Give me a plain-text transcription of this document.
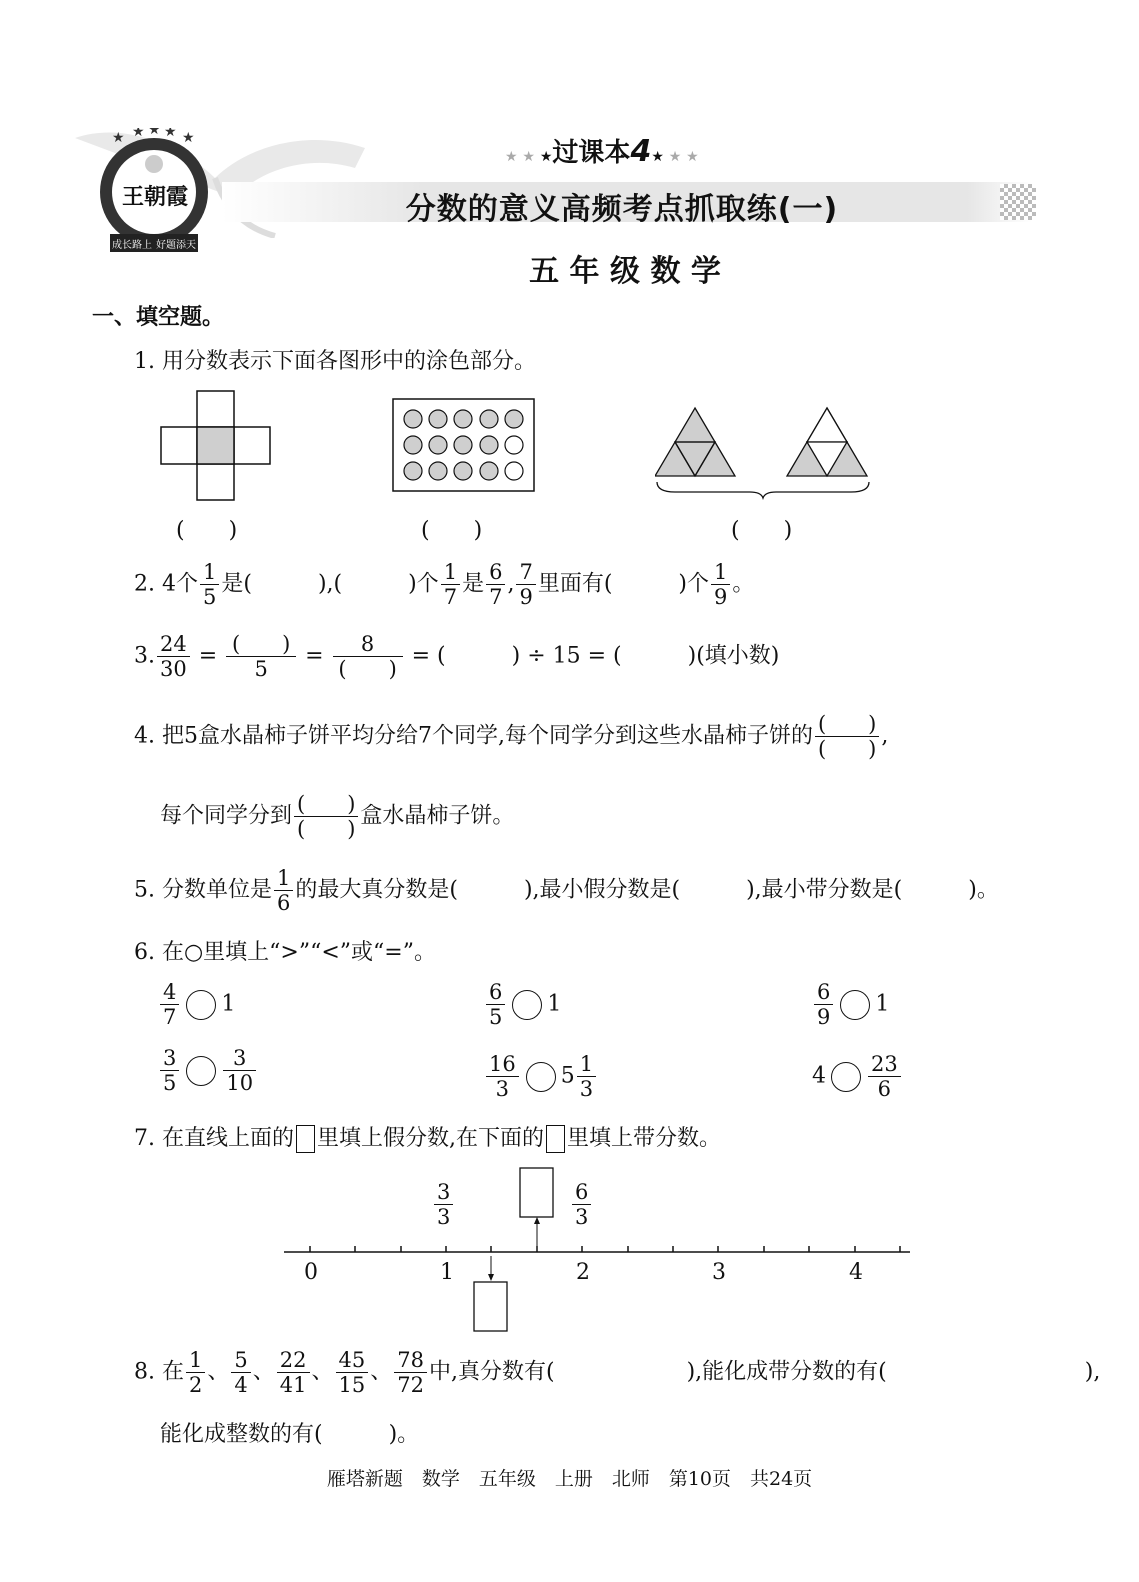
★ ★ ★ ★ ★
王朝霞
成长路上 好题添天
★ ★ ★过课本4★ ★ ★
分数的意义高频考点抓取练(一)
五 年 级 数 学
一、填空题。
1. 用分数表示下面各图形中的涂色部分。
(　　)	(　　)	(　　)
2. 4个 $\frac{1}{5}$ 是(　　　),(　　　)个 $\frac{1}{7}$ 是 $\frac{6}{7}$ , $\frac{7}{9}$ 里面有(　　　)个 $\frac{1}{9}$ 。
3. $\frac{24}{30} = \frac{( )}{5} = \frac{8}{( )}$ = (　　　) ÷ 15 = (　　　)(填小数)
4. 把5盒水晶柿子饼平均分给7个同学,每个同学分到这些水晶柿子饼的 $\frac{( )}{( )}$ ,
每个同学分到 $\frac{( )}{( )}$ 盒水晶柿子饼。
5. 分数单位是 $\frac{1}{6}$ 的最大真分数是(　　　),最小假分数是(　　　),最小带分数是(　　　)。
6. 在○里填上“>”“<”或“=”。
$\frac{4}{7} 1$	$\frac{6}{5} 1$	$\frac{6}{9} 1$
$\frac{3}{5} \frac{3}{10}$	$\frac{16}{3} 5 \frac{1}{3}$	$4 \frac{23}{6}$
7. 在直线上面的 里填上假分数,在下面的 里填上带分数。
0	1	2	3	4
$\frac{3}{3}$	$\frac{6}{3}$
8. 在 $\frac{1}{2}$ 、 $\frac{5}{4}$ 、 $\frac{22}{41}$ 、 $\frac{45}{15}$ 、 $\frac{78}{72}$ 中,真分数有(　　　　　　),能化成带分数的有(　　　　　　　　　),
能化成整数的有(　　　)。
雁塔新题　数学　五年级　上册　北师　第10页　共24页
